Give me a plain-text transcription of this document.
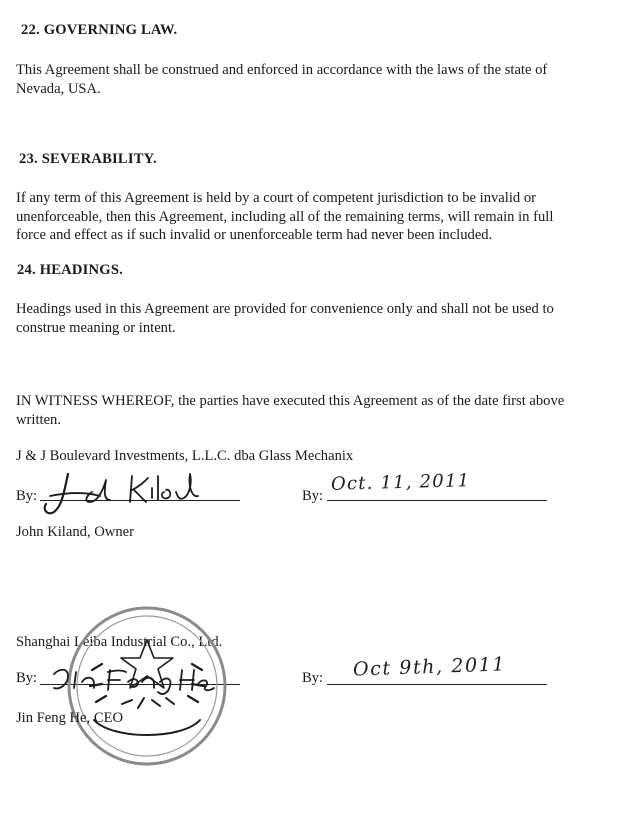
22. GOVERNING LAW.
This Agreement shall be construed and enforced in accordance with the laws of the state of
Nevada, USA.
23. SEVERABILITY.
If any term of this Agreement is held by a court of competent jurisdiction to be invalid or
unenforceable, then this Agreement, including all of the remaining terms, will remain in full
force and effect as if such invalid or unenforceable term had never been included.
24. HEADINGS.
Headings used in this Agreement are provided for convenience only and shall not be used to
construe meaning or intent.
IN WITNESS WHEREOF, the parties have executed this Agreement as of the date first above
written.
J & J Boulevard Investments, L.L.C. dba Glass Mechanix
By:	By:
Oct. 11, 2011
John Kiland, Owner
Shanghai Leiba Industrial Co., Ltd.
By:	By: Oct 9th, 2011
Jin Feng He, CEO
